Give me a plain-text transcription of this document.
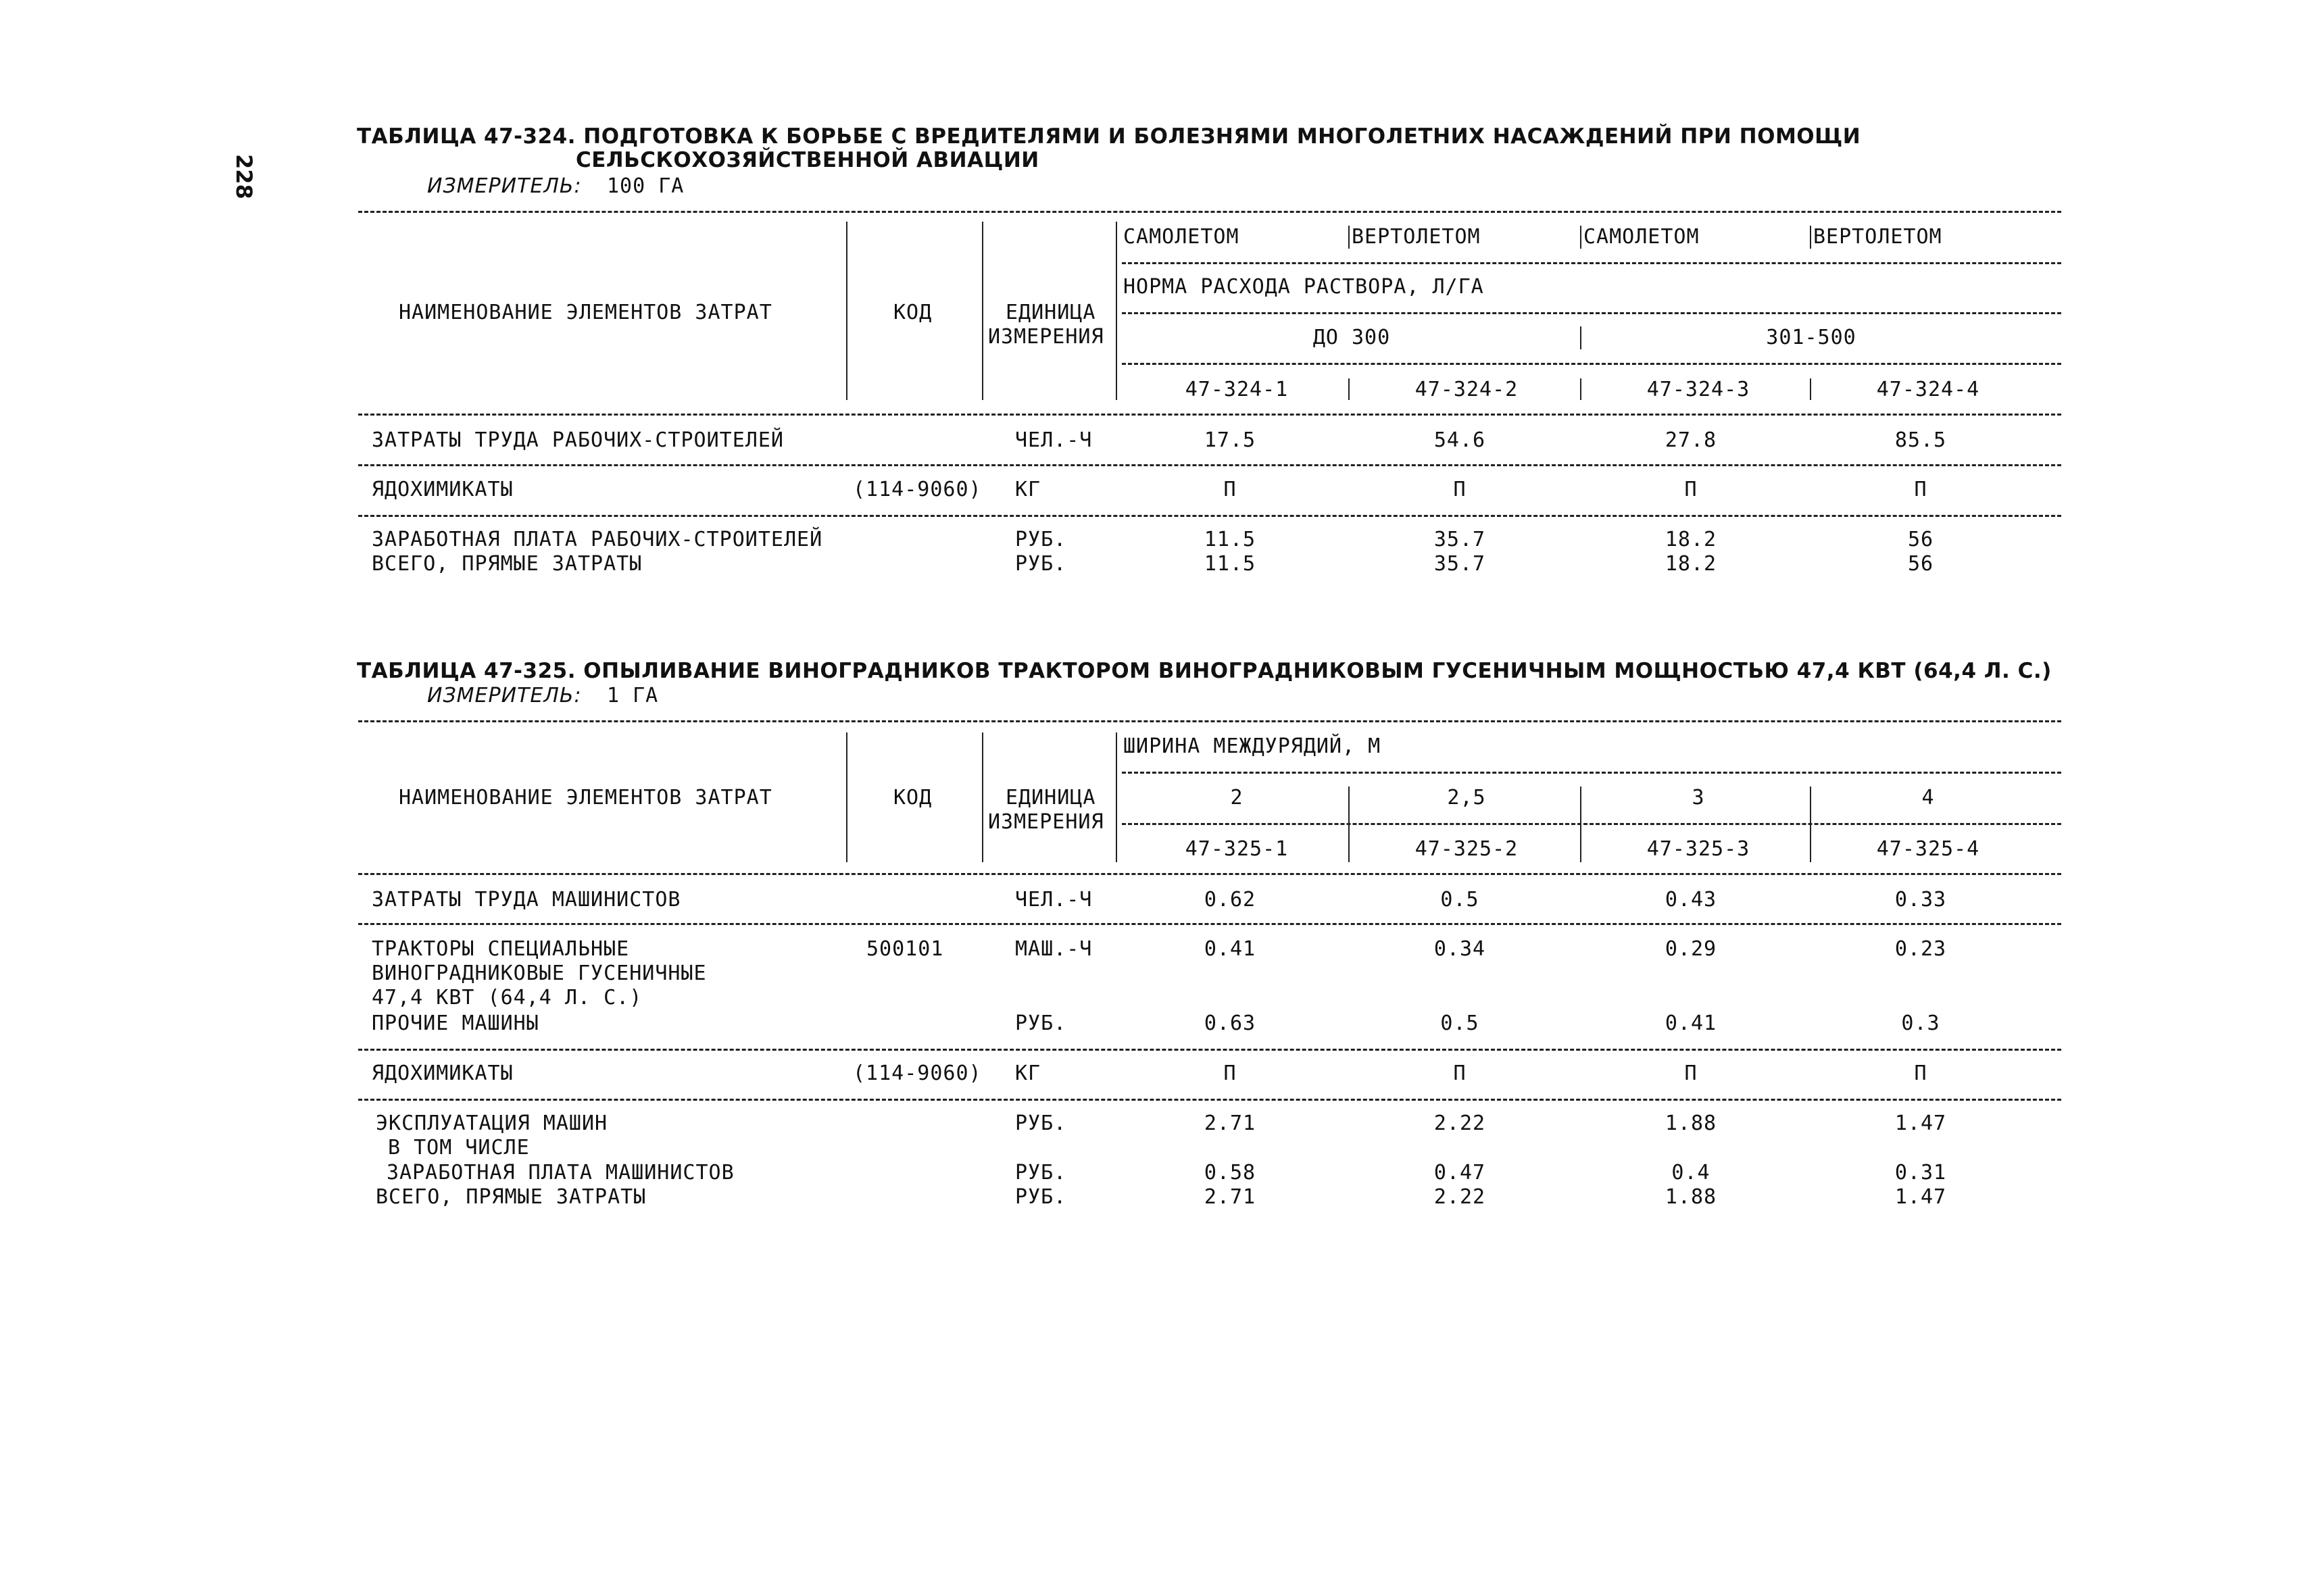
228
ТАБЛИЦА 47-324. ПОДГОТОВКА К БОРЬБЕ С ВРЕДИТЕЛЯМИ И БОЛЕЗНЯМИ МНОГОЛЕТНИХ НАСАЖДЕНИЙ ПРИ ПОМОЩИ
СЕЛЬСКОХОЗЯЙСТВЕННОЙ АВИАЦИИ
ИЗМЕРИТЕЛЬ: 100 ГА
НАИМЕНОВАНИЕ ЭЛЕМЕНТОВ ЗАТРАТ	КОД	ЕДИНИЦА
ИЗМЕРЕНИЯ
САМОЛЕТОМ	ВЕРТОЛЕТОМ	САМОЛЕТОМ	ВЕРТОЛЕТОМ
НОРМА РАСХОДА РАСТВОРА, Л/ГА
ДО 300	301-500
47-324-1	47-324-2	47-324-3	47-324-4
ЗАТРАТЫ ТРУДА РАБОЧИХ-СТРОИТЕЛЕЙ	ЧЕЛ.-Ч	17.5	54.6	27.8	85.5
ЯДОХИМИКАТЫ	(114-9060) КГ	П	П	П	П
ЗАРАБОТНАЯ ПЛАТА РАБОЧИХ-СТРОИТЕЛЕЙ	РУБ.	11.5	35.7	18.2	56
ВСЕГО, ПРЯМЫЕ ЗАТРАТЫ	РУБ.	11.5	35.7	18.2	56
ТАБЛИЦА 47-325. ОПЫЛИВАНИЕ ВИНОГРАДНИКОВ ТРАКТОРОМ ВИНОГРАДНИКОВЫМ ГУСЕНИЧНЫМ МОЩНОСТЬЮ 47,4 КВТ (64,4 Л. С.)
ИЗМЕРИТЕЛЬ: 1 ГА
НАИМЕНОВАНИЕ ЭЛЕМЕНТОВ ЗАТРАТ	КОД	ЕДИНИЦА
ИЗМЕРЕНИЯ
ШИРИНА МЕЖДУРЯДИЙ, М
2	2,5	3	4
47-325-1	47-325-2	47-325-3	47-325-4
ЗАТРАТЫ ТРУДА МАШИНИСТОВ	ЧЕЛ.-Ч	0.62	0.5	0.43	0.33
ТРАКТОРЫ СПЕЦИАЛЬНЫЕ
ВИНОГРАДНИКОВЫЕ ГУСЕНИЧНЫЕ
47,4 КВТ (64,4 Л. С.)
500101	МАШ.-Ч	0.41	0.34	0.29	0.23
ПРОЧИЕ МАШИНЫ	РУБ.	0.63	0.5	0.41	0.3
ЯДОХИМИКАТЫ	(114-9060) КГ	П	П	П	П
ЭКСПЛУАТАЦИЯ МАШИН	РУБ.	2.71	2.22	1.88	1.47
В ТОМ ЧИСЛЕ
ЗАРАБОТНАЯ ПЛАТА МАШИНИСТОВ	РУБ.	0.58	0.47	0.4	0.31
ВСЕГО, ПРЯМЫЕ ЗАТРАТЫ	РУБ.	2.71	2.22	1.88	1.47
